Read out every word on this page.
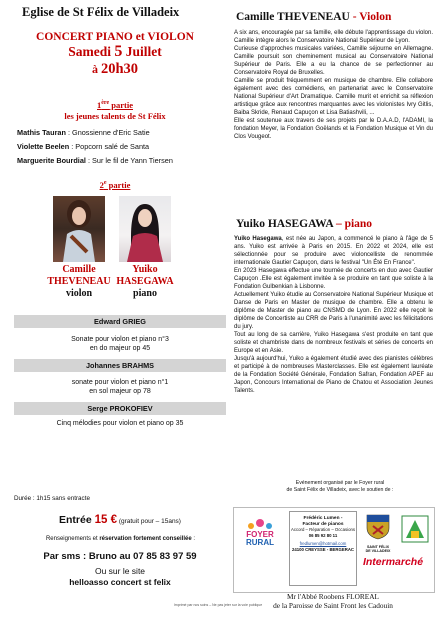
Eglise de St Félix de Villadeix
CONCERT PIANO et VIOLON
Samedi 5 Juillet
à 20h30
1ère partie
les jeunes talents de St Félix
Mathis Tauran : Gnossienne d'Eric Satie
Violette Beelen : Popcorn salé de Santa
Marguerite Bourdial : Sur le fil de Yann Tiersen
2e partie
Camille
THEVENEAU
violon
Yuiko
HASEGAWA
piano
Edward GRIEG
Sonate pour violon et piano n°3
en do majeur op 45
Johannes BRAHMS
sonate pour violon et piano n°1
en sol majeur op 78
Serge PROKOFIEV
Cinq mélodies pour violon et piano op 35
Durée : 1h15 sans entracte
Entrée 15 € (gratuit pour – 15ans)
Renseignements et réservation fortement conseillée :
Par sms : Bruno au 07 85 83 97 59
Ou sur le site
helloasso concert st felix
Imprimé par nos soins – Ne pas jeter sur la voie publique
Camille THEVENEAU - Violon

A six ans, encouragée par sa famille, elle débute l'apprentissage du violon. Camille intègre alors le Conservatoire National Supérieur de Lyon.

Curieuse d'approches musicales variées, Camille séjourne en Allemagne. Camille poursuit son cheminement musical au Conservatoire National Supérieur de Paris. Elle a eu la chance de se perfectionner au Conservatoire Royal de Bruxelles.

Camille se produit fréquemment en musique de chambre. Elle collabore également avec des comédiens, en partenariat avec le Conservatoire National Supérieur d'Art Dramatique. Camille murit et enrichit sa réflexion artistique grâce aux rencontres marquantes avec les violonistes Ivry Gitlis, Baiba Skride, Renaud Capuçon et Lisa Batiashvili, ...

Elle est soutenue aux travers de ses projets par le D.A.A.D, l'ADAMI, la fondation Meyer, la Fondation Goëlands et la Fondation Musique et Vin du Clos Vougeot.

Yuiko HASEGAWA – piano

Yuiko Hasegawa, est née au Japon, a commencé le piano à l'âge de 5 ans. Yuiko est arrivée à Paris en 2015. En 2022 et 2024, elle est sélectionnée pour se produire avec violoncelliste de renommée internationale Gautier Capuçon, dans le festival "Un Été En France".

En 2023 Hasegawa effectue une tournée de concerts en duo avec Gautier Capuçon .Elle est également invitée à se produire en tant que soliste à la Fondation Gulbenkian à Lisbonne.

Actuellement Yuiko étudie au Conservatoire National Supérieur Musique et Danse de Paris en Master de musique de chambre. Elle a obtenu le diplôme de Master de piano au CNSMD de Lyon. En 2022 elle reçoit le diplôme de Concertiste au CRR de Paris à l'unanimité avec les félicitations du jury.

Tout au long de sa carrière, Yuiko Hasegawa s'est produite en tant que soliste et chambriste dans de nombreux festivals et séries de concerts en Europe et en Asie.

Jusqu'à aujourd'hui, Yuiko a également étudié avec des pianistes célèbres et participé à de nombreuses Masterclasses. Elle est également lauréate de la Fondation Société Générale, Fondation Safran, Fondation APEF au Japon, Concours International de Piano de Chatou et Association Jeunes Talents.

Evénement organisé par le Foyer rural
de Saint Félix de Villadeix, avec le soutien de :
FOYER
RURAL
Frédéric Lumen -
Facteur de pianos
Accord – Réparation – Occasions
06 85 92 80 11
fredlumen@hotmail.com
24100 CREYSSE - BERGERAC	SAINT FÉLIX
DE VILLADEIX
Intermarché
Mr l'Abbé Roobens FLOREAL
de la Paroisse de Saint Front les Cadouin
